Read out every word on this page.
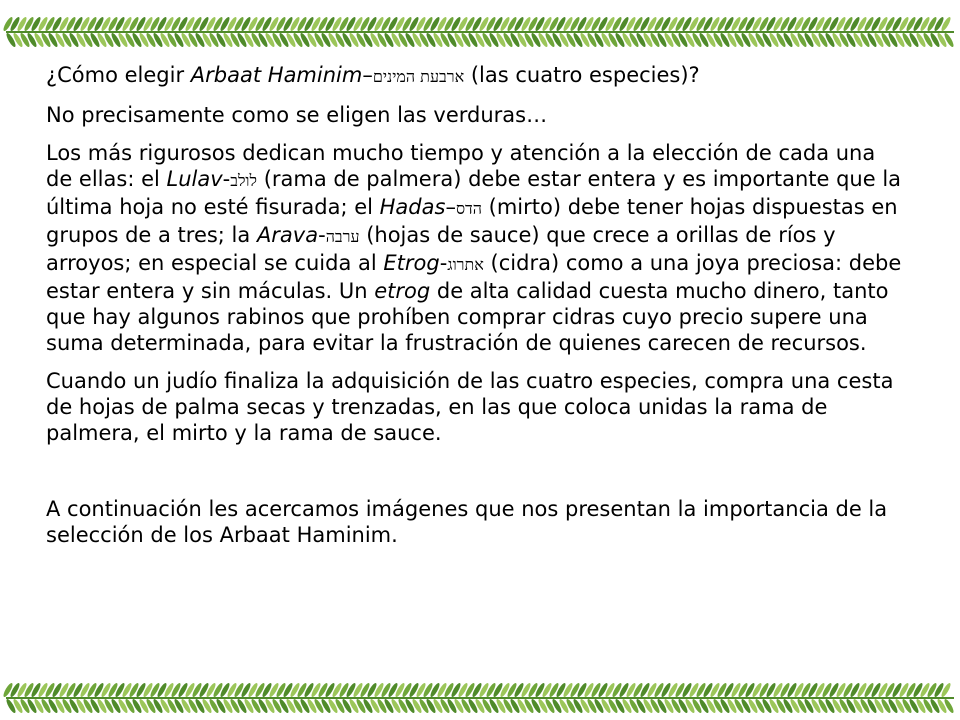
¿Cómo elegir Arbaat Haminim–ארבעת המינים (las cuatro especies)?

No precisamente como se eligen las verduras…

Los más rigurosos dedican mucho tiempo y atención a la elección de cada una de ellas: el Lulav-לולב (rama de palmera) debe estar entera y es importante que la última hoja no esté fisurada; el Hadas–הדס (mirto) debe tener hojas dispuestas en grupos de a tres; la Arava-ערבה (hojas de sauce) que crece a orillas de ríos y arroyos; en especial se cuida al Etrog-אתרוג (cidra) como a una joya preciosa: debe estar entera y sin máculas. Un etrog de alta calidad cuesta mucho dinero, tanto que hay algunos rabinos que prohíben comprar cidras cuyo precio supere una suma determinada, para evitar la frustración de quienes carecen de recursos.

Cuando un judío finaliza la adquisición de las cuatro especies, compra una cesta de hojas de palma secas y trenzadas, en las que coloca unidas la rama de palmera, el mirto y la rama de sauce.

A continuación les acercamos imágenes que nos presentan la importancia de la selección de los Arbaat Haminim.
